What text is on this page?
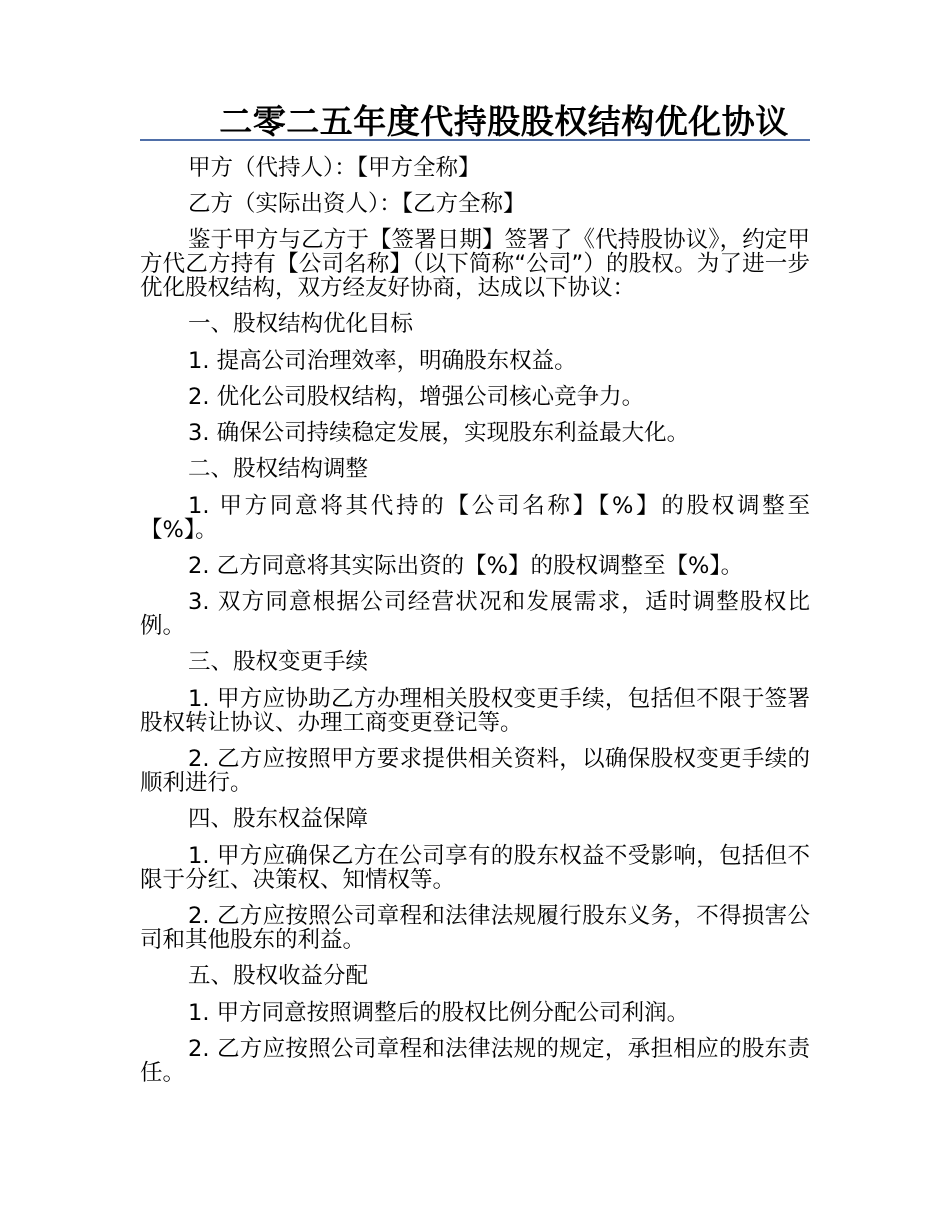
二零二五年度代持股股权结构优化协议

甲方（代持人）：【甲方全称】

乙方（实际出资人）：【乙方全称】

鉴于甲方与乙方于【签署日期】签署了《代持股协议》，约定甲方代乙方持有【公司名称】（以下简称“公司”）的股权。为了进一步优化股权结构，双方经友好协商，达成以下协议：

一、股权结构优化目标

1. 提高公司治理效率，明确股东权益。

2. 优化公司股权结构，增强公司核心竞争力。

3. 确保公司持续稳定发展，实现股东利益最大化。

二、股权结构调整

1. 甲方同意将其代持的【公司名称】【%】的股权调整至【%】。

2. 乙方同意将其实际出资的【%】的股权调整至【%】。

3. 双方同意根据公司经营状况和发展需求，适时调整股权比例。

三、股权变更手续

1. 甲方应协助乙方办理相关股权变更手续，包括但不限于签署股权转让协议、办理工商变更登记等。

2. 乙方应按照甲方要求提供相关资料，以确保股权变更手续的顺利进行。

四、股东权益保障

1. 甲方应确保乙方在公司享有的股东权益不受影响，包括但不限于分红、决策权、知情权等。

2. 乙方应按照公司章程和法律法规履行股东义务，不得损害公司和其他股东的利益。

五、股权收益分配

1. 甲方同意按照调整后的股权比例分配公司利润。

2. 乙方应按照公司章程和法律法规的规定，承担相应的股东责任。
